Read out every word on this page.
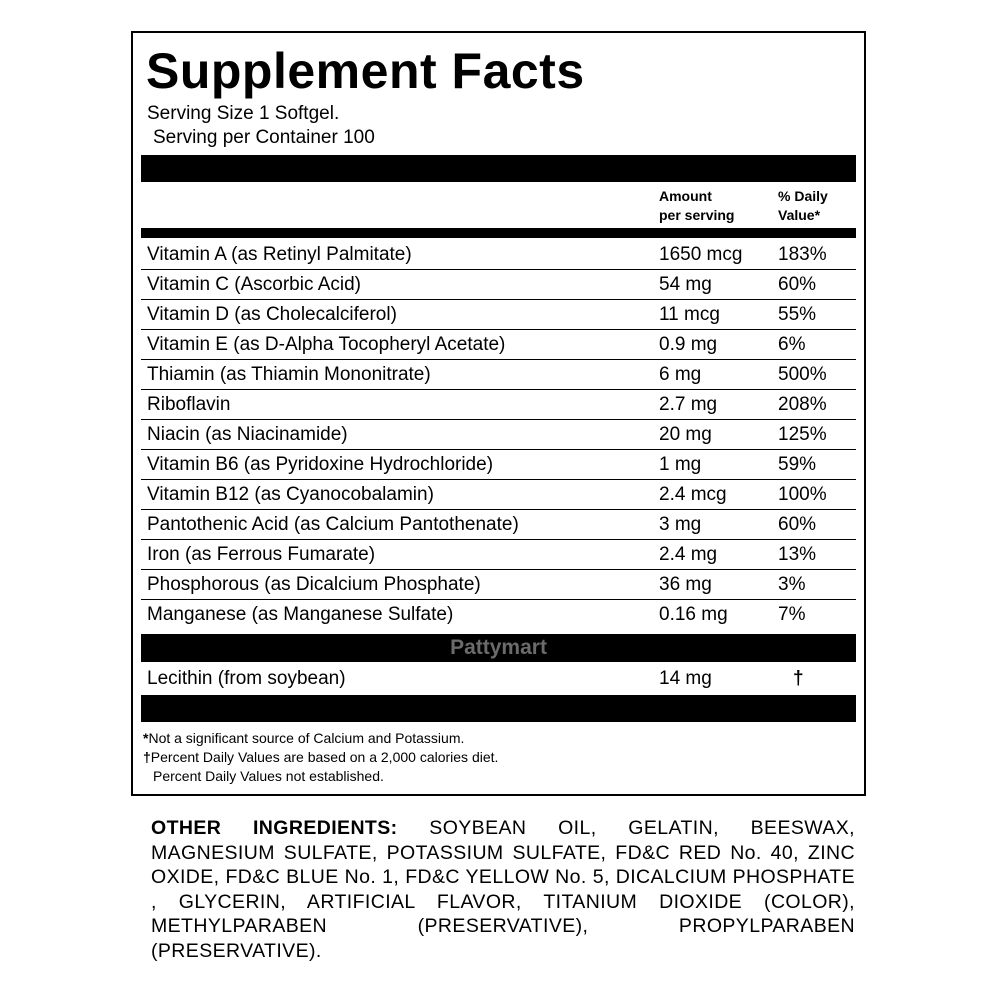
Supplement Facts
Serving Size 1 Softgel.
Serving per Container 100
Amount
per serving
% Daily
Value*
Vitamin A (as Retinyl Palmitate)	1650 mcg 183%
Vitamin C (Ascorbic Acid)	54 mg	60%
Vitamin D (as Cholecalciferol)	11 mcg	55%
Vitamin E (as D-Alpha Tocopheryl Acetate)	0.9 mg	6%
Thiamin (as Thiamin Mononitrate)	6 mg	500%
Riboflavin	2.7 mg	208%
Niacin (as Niacinamide)	20 mg	125%
Vitamin B6 (as Pyridoxine Hydrochloride)	1 mg	59%
Vitamin B12 (as Cyanocobalamin)	2.4 mcg	100%
Pantothenic Acid (as Calcium Pantothenate)	3 mg	60%
Iron (as Ferrous Fumarate)	2.4 mg	13%
Phosphorous (as Dicalcium Phosphate)	36 mg	3%
Manganese (as Manganese Sulfate)	0.16 mg	7%
Pattymart
Lecithin (from soybean)	14 mg	†
*Not a significant source of Calcium and Potassium.
†Percent Daily Values are based on a 2,000 calories diet.
Percent Daily Values not established.
OTHER INGREDIENTS: SOYBEAN OIL, GELATIN, BEESWAX, MAGNESIUM SULFATE, POTASSIUM SULFATE, FD&C RED No. 40, ZINC OXIDE, FD&C BLUE No. 1, FD&C YELLOW No. 5, DICALCIUM PHOSPHATE , GLYCERIN, ARTIFICIAL FLAVOR, TITANIUM DIOXIDE (COLOR), METHYLPARABEN (PRESERVATIVE), PROPYLPARABEN (PRESERVATIVE).
